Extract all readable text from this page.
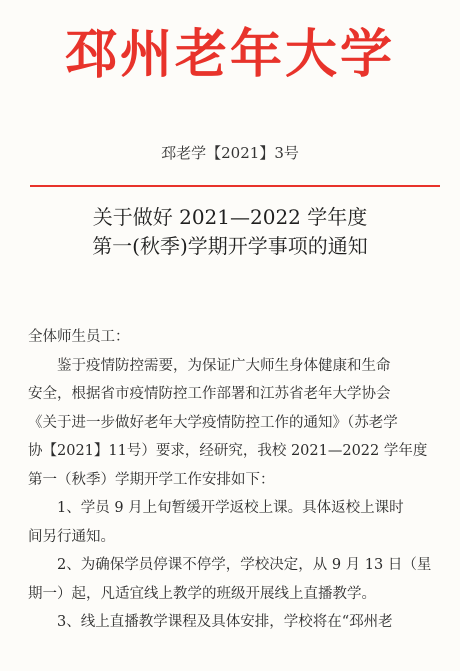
邳州老年大学
邳老学【2021】3号
关于做好 2021—2022 学年度
第一(秋季)学期开学事项的通知
全体师生员工：
鉴于疫情防控需要，为保证广大师生身体健康和生命
安全，根据省市疫情防控工作部署和江苏省老年大学协会
《关于进一步做好老年大学疫情防控工作的通知》（苏老学
协【2021】11号）要求，经研究，我校 2021—2022 学年度
第一（秋季）学期开学工作安排如下：
1、学员 9 月上旬暂缓开学返校上课。具体返校上课时
间另行通知。
2、为确保学员停课不停学，学校决定，从 9 月 13 日（星
期一）起，凡适宜线上教学的班级开展线上直播教学。
3、线上直播教学课程及具体安排，学校将在“邳州老
